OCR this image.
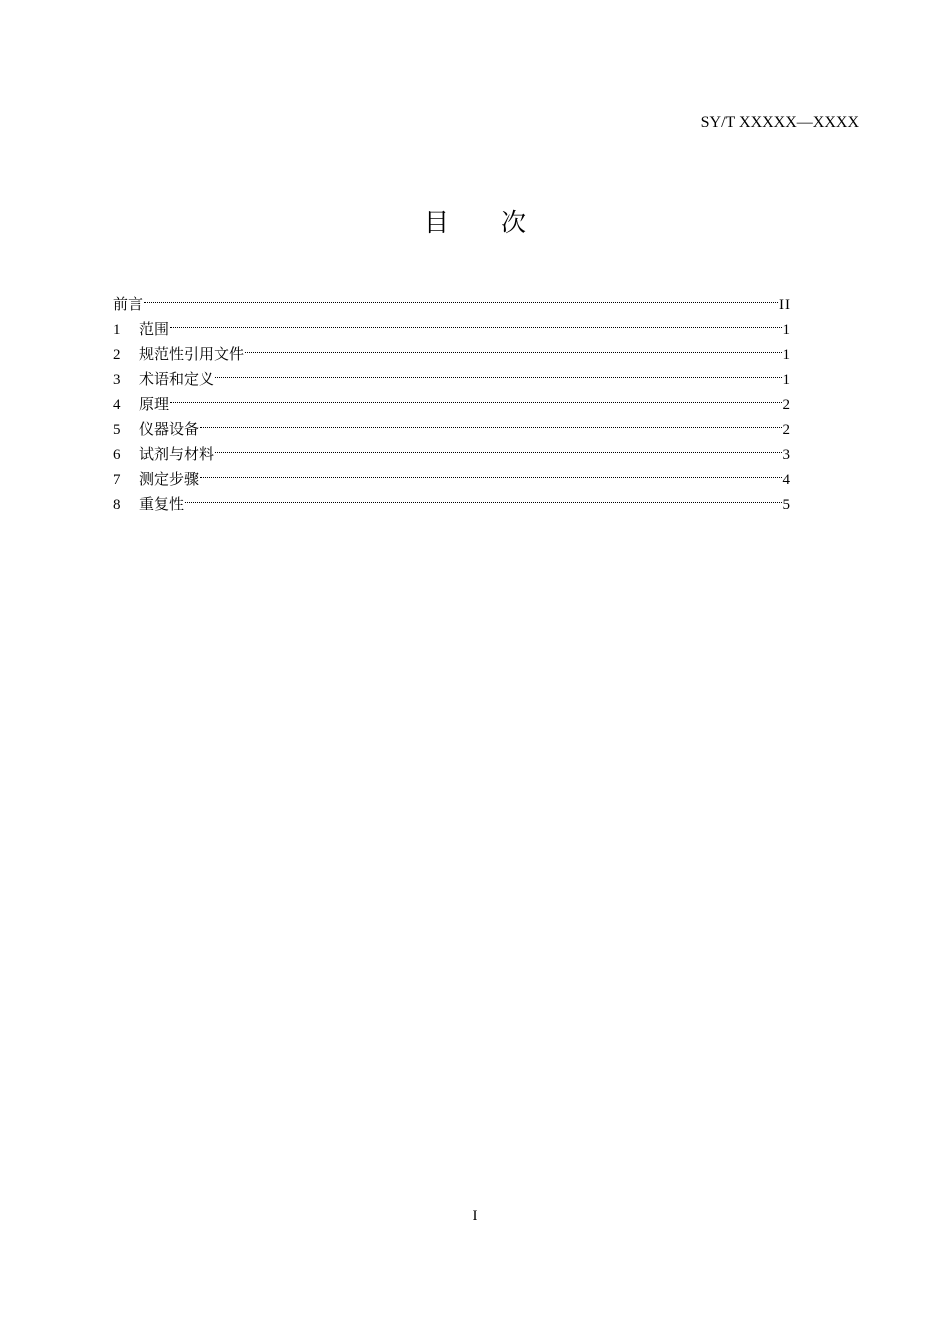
SY/T XXXXX—XXXX
目 次
前言	II
1	范围	1
2	规范性引用文件	1
3	术语和定义	1
4	原理	2
5	仪器设备	2
6	试剂与材料	3
7	测定步骤	4
8	重复性	5
I
